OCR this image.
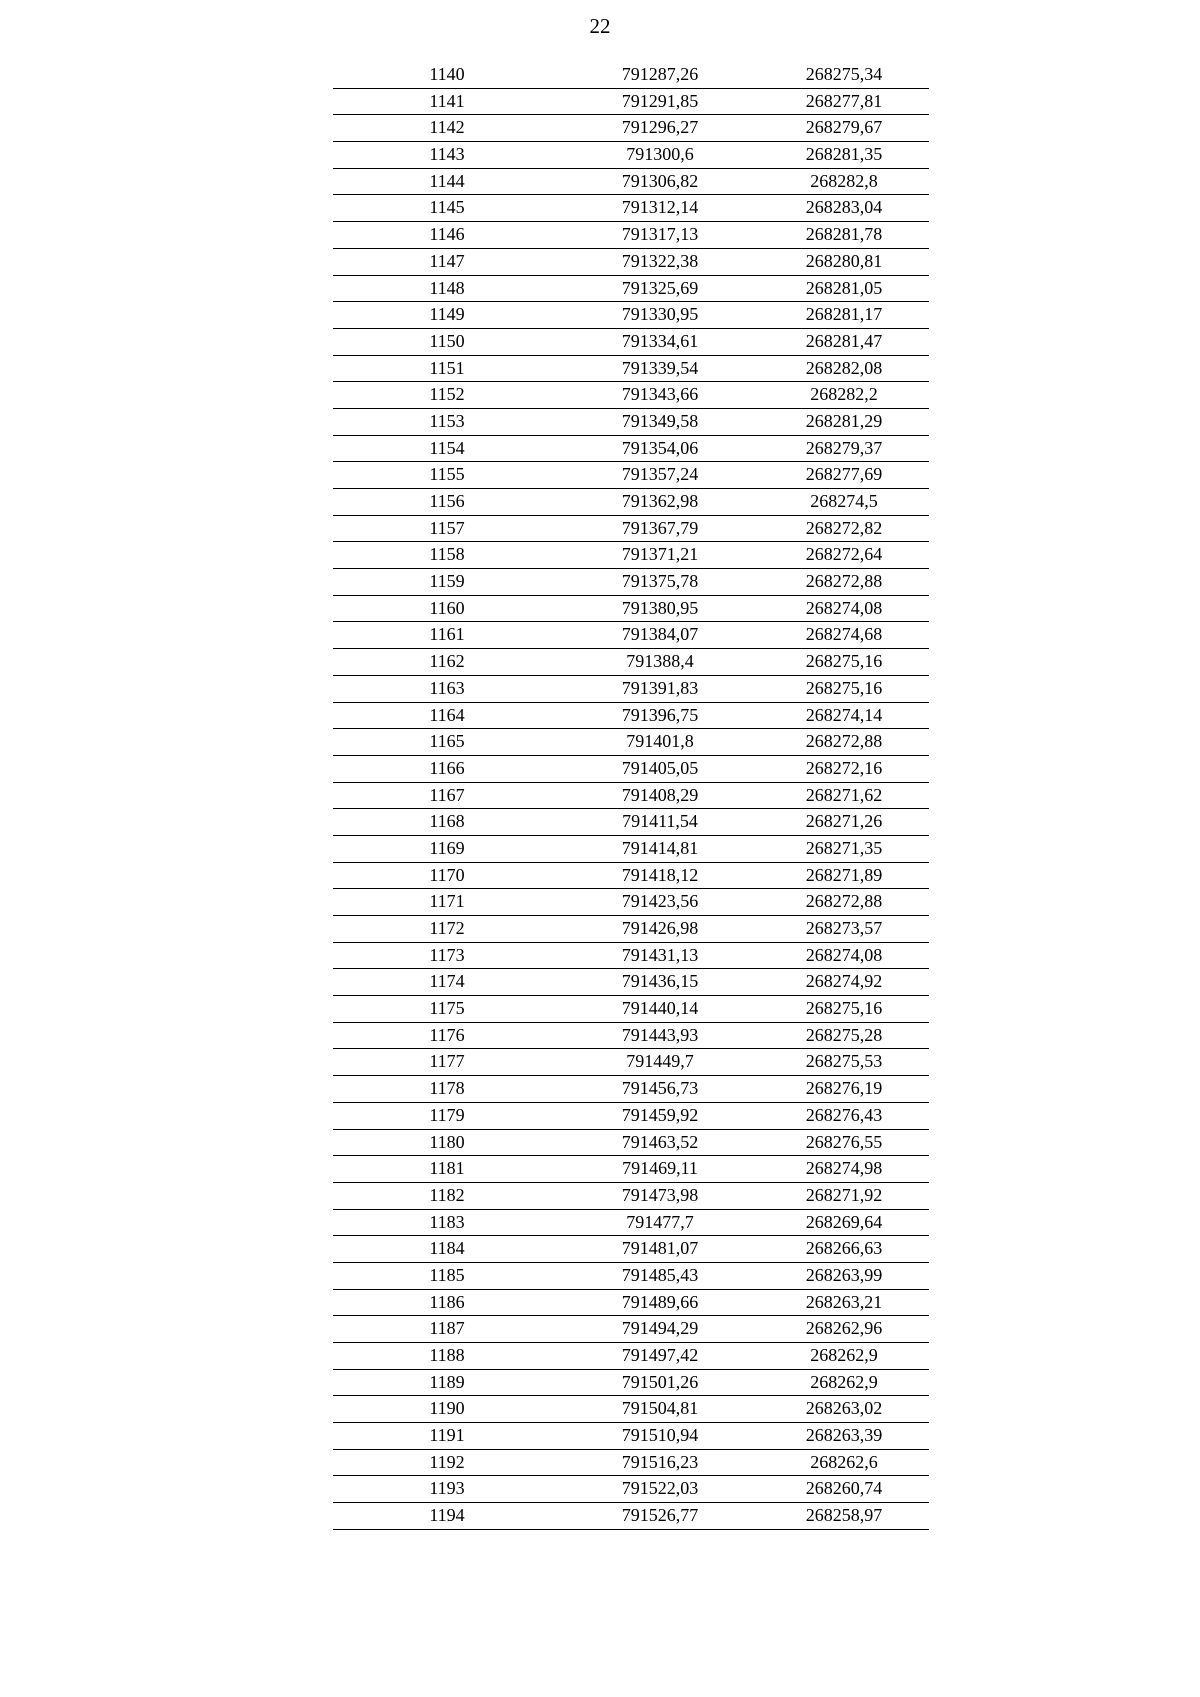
22
1140	791287,26	268275,34
1141	791291,85	268277,81
1142	791296,27	268279,67
1143	791300,6	268281,35
1144	791306,82	268282,8
1145	791312,14	268283,04
1146	791317,13	268281,78
1147	791322,38	268280,81
1148	791325,69	268281,05
1149	791330,95	268281,17
1150	791334,61	268281,47
1151	791339,54	268282,08
1152	791343,66	268282,2
1153	791349,58	268281,29
1154	791354,06	268279,37
1155	791357,24	268277,69
1156	791362,98	268274,5
1157	791367,79	268272,82
1158	791371,21	268272,64
1159	791375,78	268272,88
1160	791380,95	268274,08
1161	791384,07	268274,68
1162	791388,4	268275,16
1163	791391,83	268275,16
1164	791396,75	268274,14
1165	791401,8	268272,88
1166	791405,05	268272,16
1167	791408,29	268271,62
1168	791411,54	268271,26
1169	791414,81	268271,35
1170	791418,12	268271,89
1171	791423,56	268272,88
1172	791426,98	268273,57
1173	791431,13	268274,08
1174	791436,15	268274,92
1175	791440,14	268275,16
1176	791443,93	268275,28
1177	791449,7	268275,53
1178	791456,73	268276,19
1179	791459,92	268276,43
1180	791463,52	268276,55
1181	791469,11	268274,98
1182	791473,98	268271,92
1183	791477,7	268269,64
1184	791481,07	268266,63
1185	791485,43	268263,99
1186	791489,66	268263,21
1187	791494,29	268262,96
1188	791497,42	268262,9
1189	791501,26	268262,9
1190	791504,81	268263,02
1191	791510,94	268263,39
1192	791516,23	268262,6
1193	791522,03	268260,74
1194	791526,77	268258,97
